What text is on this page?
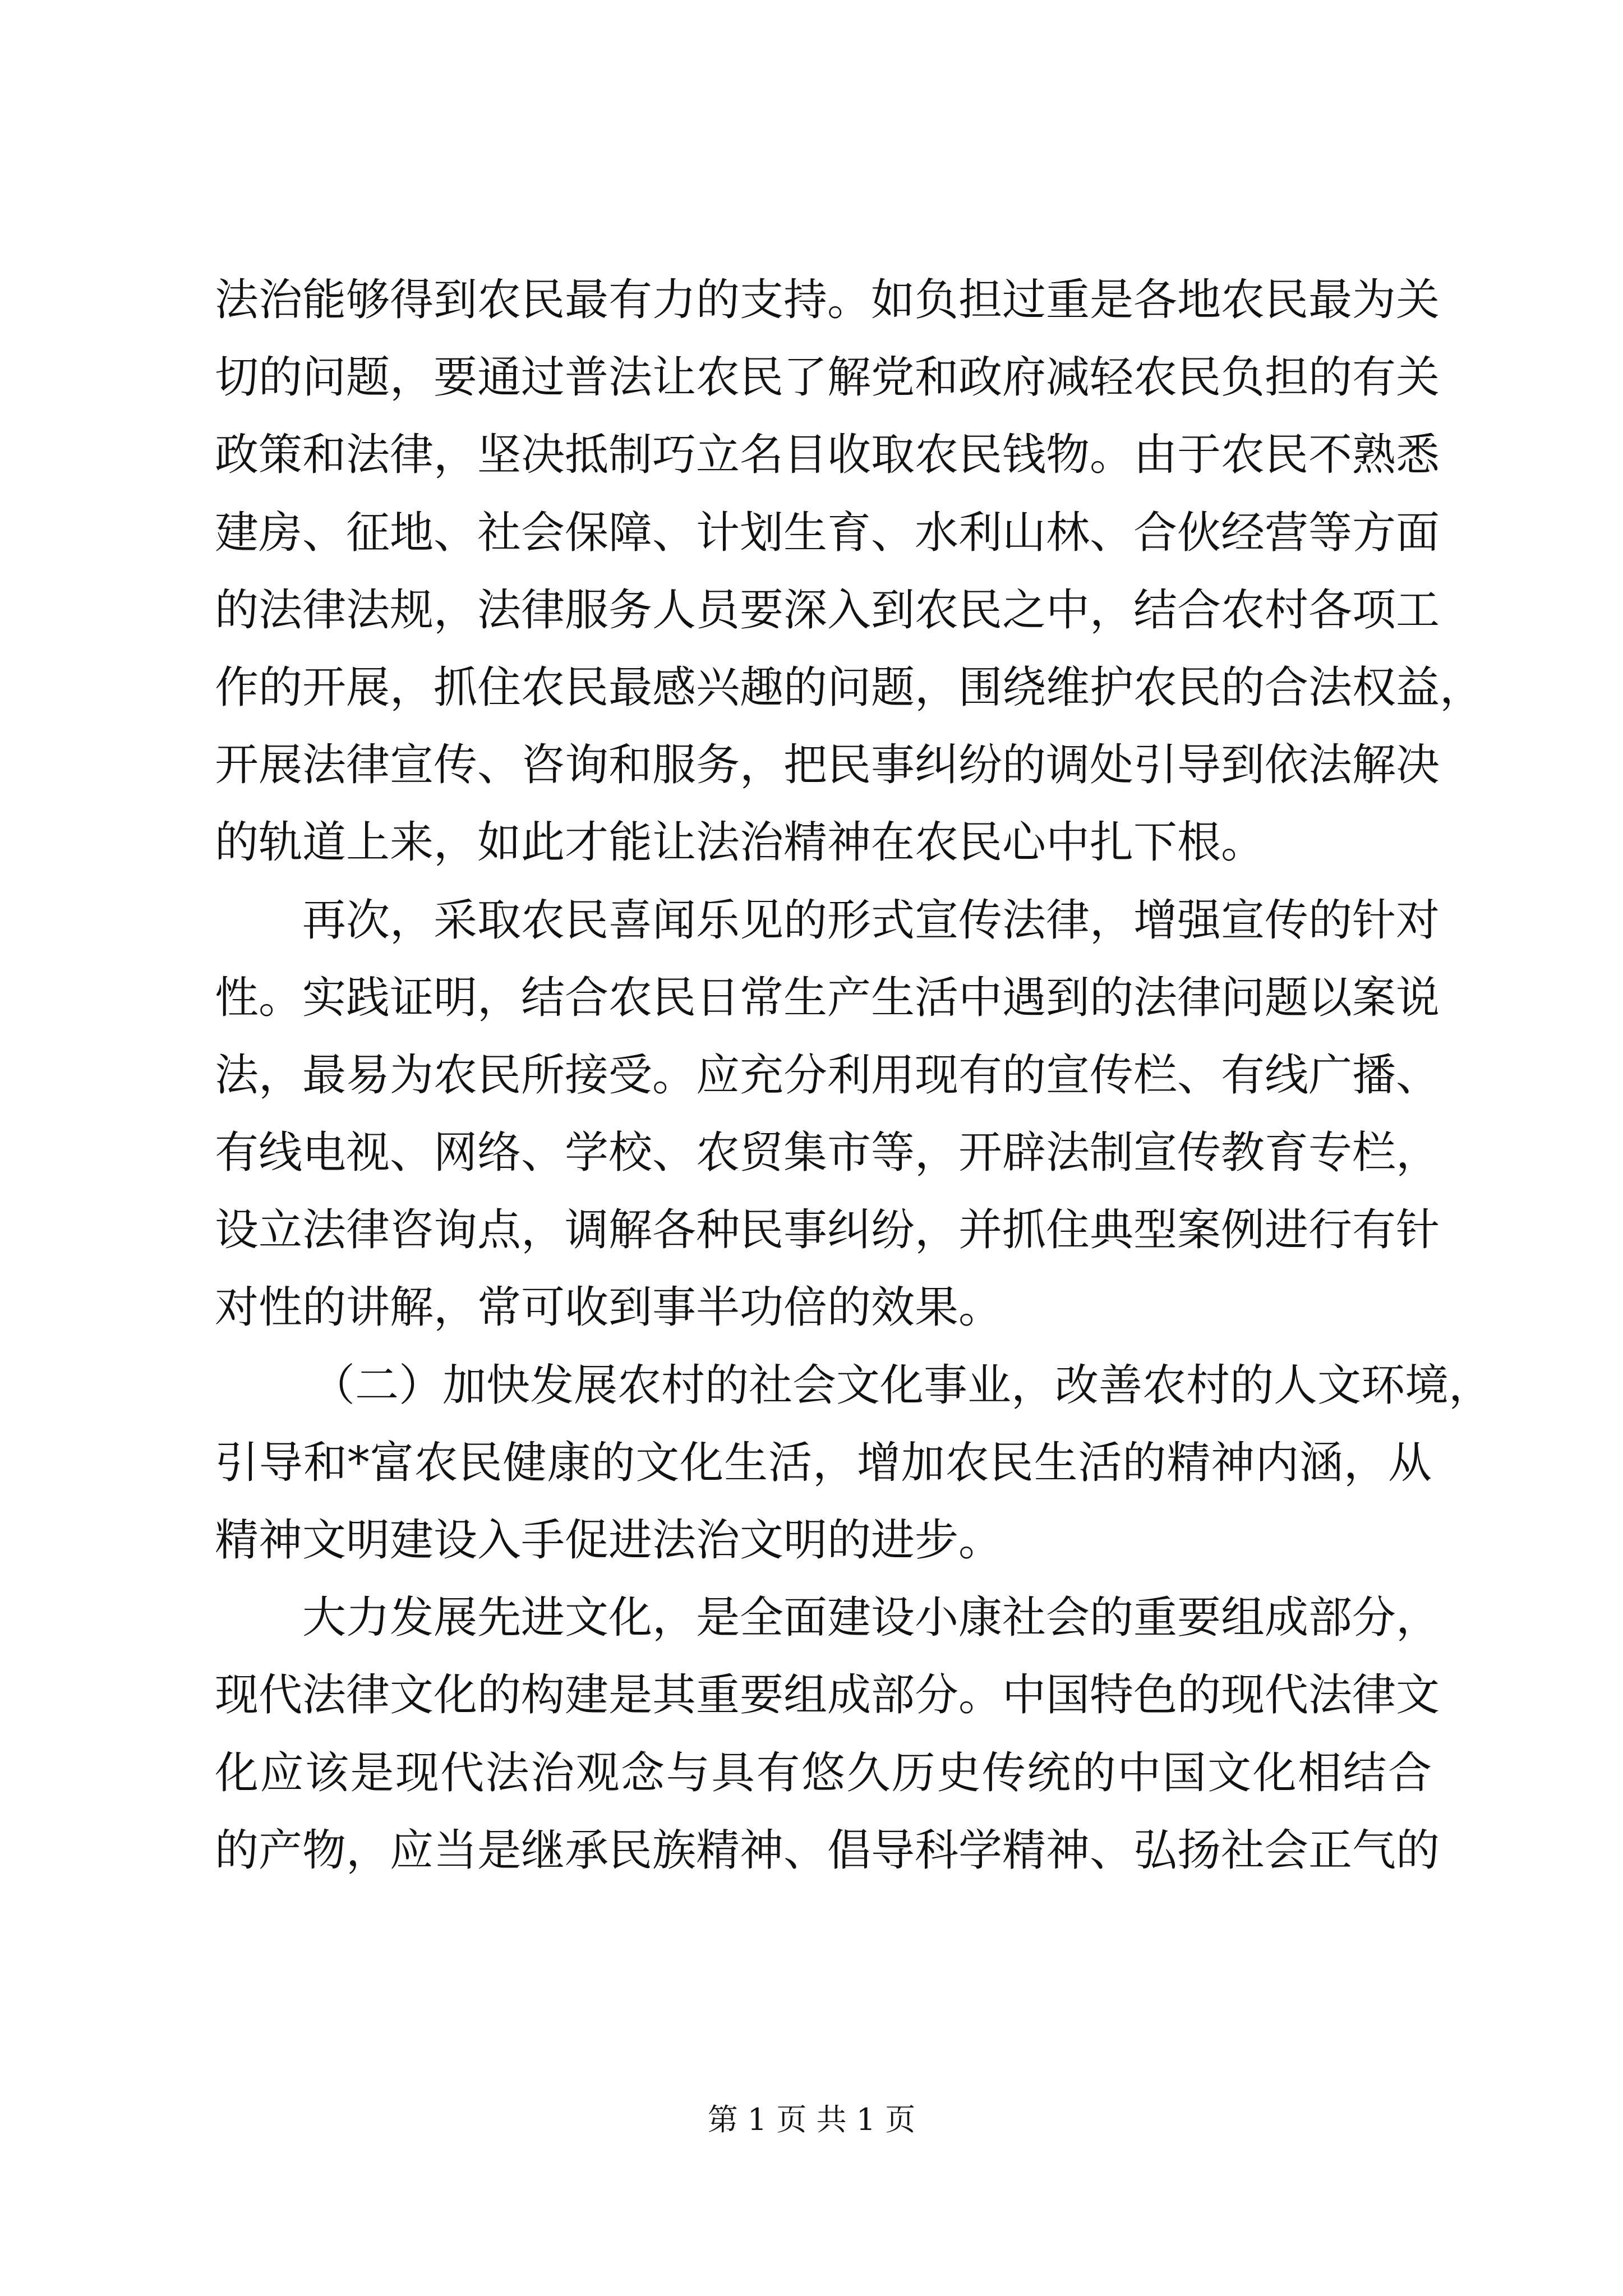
法治能够得到农民最有力的支持。如负担过重是各地农民最为关
切的问题，要通过普法让农民了解党和政府减轻农民负担的有关
政策和法律，坚决抵制巧立名目收取农民钱物。由于农民不熟悉
建房、征地、社会保障、计划生育、水利山林、合伙经营等方面
的法律法规，法律服务人员要深入到农民之中，结合农村各项工
作的开展，抓住农民最感兴趣的问题，围绕维护农民的合法权益，
开展法律宣传、咨询和服务，把民事纠纷的调处引导到依法解决
的轨道上来，如此才能让法治精神在农民心中扎下根。
再次，采取农民喜闻乐见的形式宣传法律，增强宣传的针对
性。实践证明，结合农民日常生产生活中遇到的法律问题以案说
法，最易为农民所接受。应充分利用现有的宣传栏、有线广播、
有线电视、网络、学校、农贸集市等，开辟法制宣传教育专栏，
设立法律咨询点，调解各种民事纠纷，并抓住典型案例进行有针
对性的讲解，常可收到事半功倍的效果。
（二）加快发展农村的社会文化事业，改善农村的人文环境，
引导和*富农民健康的文化生活，增加农民生活的精神内涵，从
精神文明建设入手促进法治文明的进步。
大力发展先进文化，是全面建设小康社会的重要组成部分，
现代法律文化的构建是其重要组成部分。中国特色的现代法律文
化应该是现代法治观念与具有悠久历史传统的中国文化相结合
的产物，应当是继承民族精神、倡导科学精神、弘扬社会正气的
第 1 页 共 1 页
